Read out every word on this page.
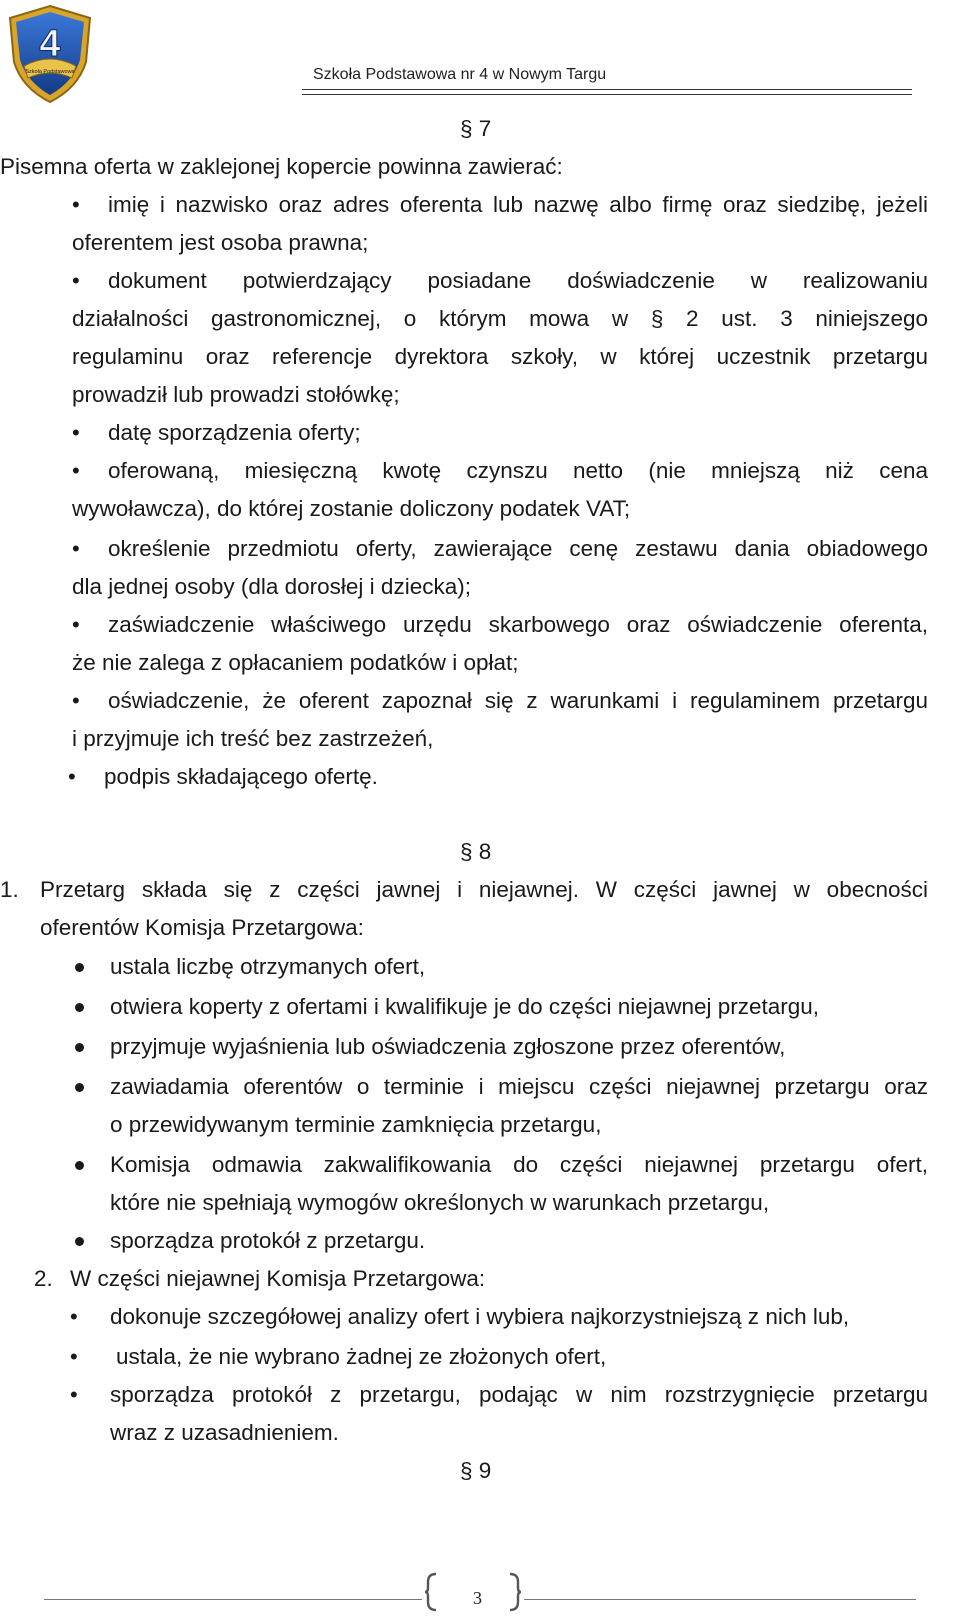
4
Szkoła Podstawowa	Szkoła Podstawowa nr 4 w Nowym Targu
§ 7
Pisemna oferta w zaklejonej kopercie powinna zawierać:
• imię i nazwisko oraz adres oferenta lub nazwę albo firmę oraz siedzibę, jeżeli
oferentem jest osoba prawna;
• dokument potwierdzający posiadane doświadczenie w realizowaniu
działalności gastronomicznej, o którym mowa w § 2 ust. 3 niniejszego
regulaminu oraz referencje dyrektora szkoły, w której uczestnik przetargu
prowadził lub prowadzi stołówkę;
• datę sporządzenia oferty;
• oferowaną, miesięczną kwotę czynszu netto (nie mniejszą niż cena
wywoławcza), do której zostanie doliczony podatek VAT;
• określenie przedmiotu oferty, zawierające cenę zestawu dania obiadowego
dla jednej osoby (dla dorosłej i dziecka);
• zaświadczenie właściwego urzędu skarbowego oraz oświadczenie oferenta,
że nie zalega z opłacaniem podatków i opłat;
• oświadczenie, że oferent zapoznał się z warunkami i regulaminem przetargu
i przyjmuje ich treść bez zastrzeżeń,
• podpis składającego ofertę.
§ 8
1. Przetarg składa się z części jawnej i niejawnej. W części jawnej w obecności
oferentów Komisja Przetargowa:
ustala liczbę otrzymanych ofert,
otwiera koperty z ofertami i kwalifikuje je do części niejawnej przetargu,
przyjmuje wyjaśnienia lub oświadczenia zgłoszone przez oferentów,
zawiadamia oferentów o terminie i miejscu części niejawnej przetargu oraz
o przewidywanym terminie zamknięcia przetargu,
Komisja odmawia zakwalifikowania do części niejawnej przetargu ofert,
które nie spełniają wymogów określonych w warunkach przetargu,
sporządza protokół z przetargu.
2. W części niejawnej Komisja Przetargowa:
• dokonuje szczegółowej analizy ofert i wybiera najkorzystniejszą z nich lub,
• ustala, że nie wybrano żadnej ze złożonych ofert,
• sporządza protokół z przetargu, podając w nim rozstrzygnięcie przetargu
wraz z uzasadnieniem.
§ 9
3
